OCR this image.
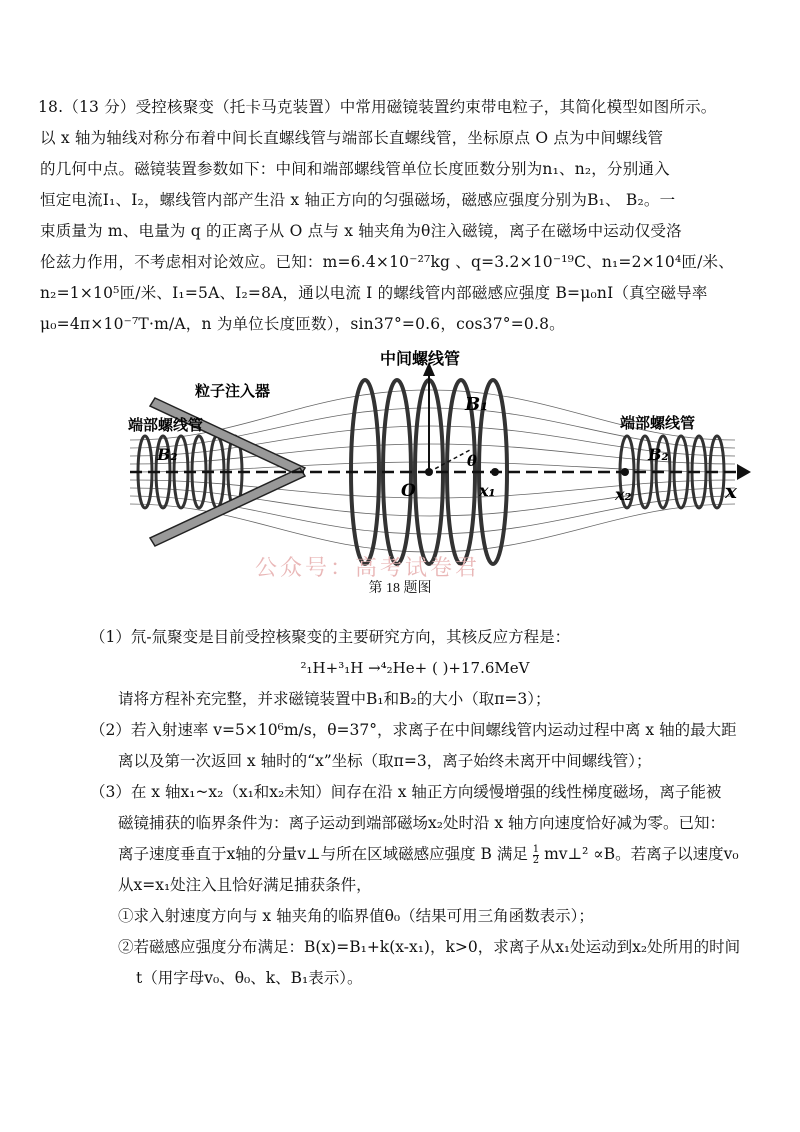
18.（13 分）受控核聚变（托卡马克装置）中常用磁镜装置约束带电粒子，其简化模型如图所示。
以 x 轴为轴线对称分布着中间长直螺线管与端部长直螺线管，坐标原点 O 点为中间螺线管
的几何中点。磁镜装置参数如下：中间和端部螺线管单位长度匝数分别为n₁、n₂，分别通入
恒定电流I₁、I₂，螺线管内部产生沿 x 轴正方向的匀强磁场，磁感应强度分别为B₁、 B₂。一
束质量为 m、电量为 q 的正离子从 O 点与 x 轴夹角为θ注入磁镜，离子在磁场中运动仅受洛
伦兹力作用，不考虑相对论效应。已知：m=6.4×10⁻²⁷kg 、q=3.2×10⁻¹⁹C、n₁=2×10⁴匝/米、
n₂=1×10⁵匝/米、I₁=5A、I₂=8A，通以电流 I 的螺线管内部磁感应强度 B=μ₀nI（真空磁导率
μ₀=4π×10⁻⁷T·m/A，n 为单位长度匝数），sin37°=0.6，cos37°=0.8。
中间螺线管
粒子注入器
端部螺线管	端部螺线管
B₁
B₂	B₂
O
θ
x₁	x₂	x
公众号：高考试卷君
第 18 题图
（1）氘-氚聚变是目前受控核聚变的主要研究方向，其核反应方程是：
²₁H+³₁H →⁴₂He+ ( )+17.6MeV
请将方程补充完整，并求磁镜装置中B₁和B₂的大小（取π=3）；
（2）若入射速率 v=5×10⁶m/s，θ=37°，求离子在中间螺线管内运动过程中离 x 轴的最大距
离以及第一次返回 x 轴时的“x”坐标（取π=3，离子始终未离开中间螺线管）；
（3）在 x 轴x₁~x₂（x₁和x₂未知）间存在沿 x 轴正方向缓慢增强的线性梯度磁场，离子能被
磁镜捕获的临界条件为：离子运动到端部磁场x₂处时沿 x 轴方向速度恰好减为零。已知：
离子速度垂直于x轴的分量v⊥与所在区域磁感应强度 B 满足 $\frac{1}{2}$ mv⊥² ∝B。若离子以速度v₀
从x=x₁处注入且恰好满足捕获条件，
①求入射速度方向与 x 轴夹角的临界值θ₀（结果可用三角函数表示）；
②若磁感应强度分布满足：B(x)=B₁+k(x-x₁)，k>0，求离子从x₁处运动到x₂处所用的时间
t（用字母v₀、θ₀、k、B₁表示）。
